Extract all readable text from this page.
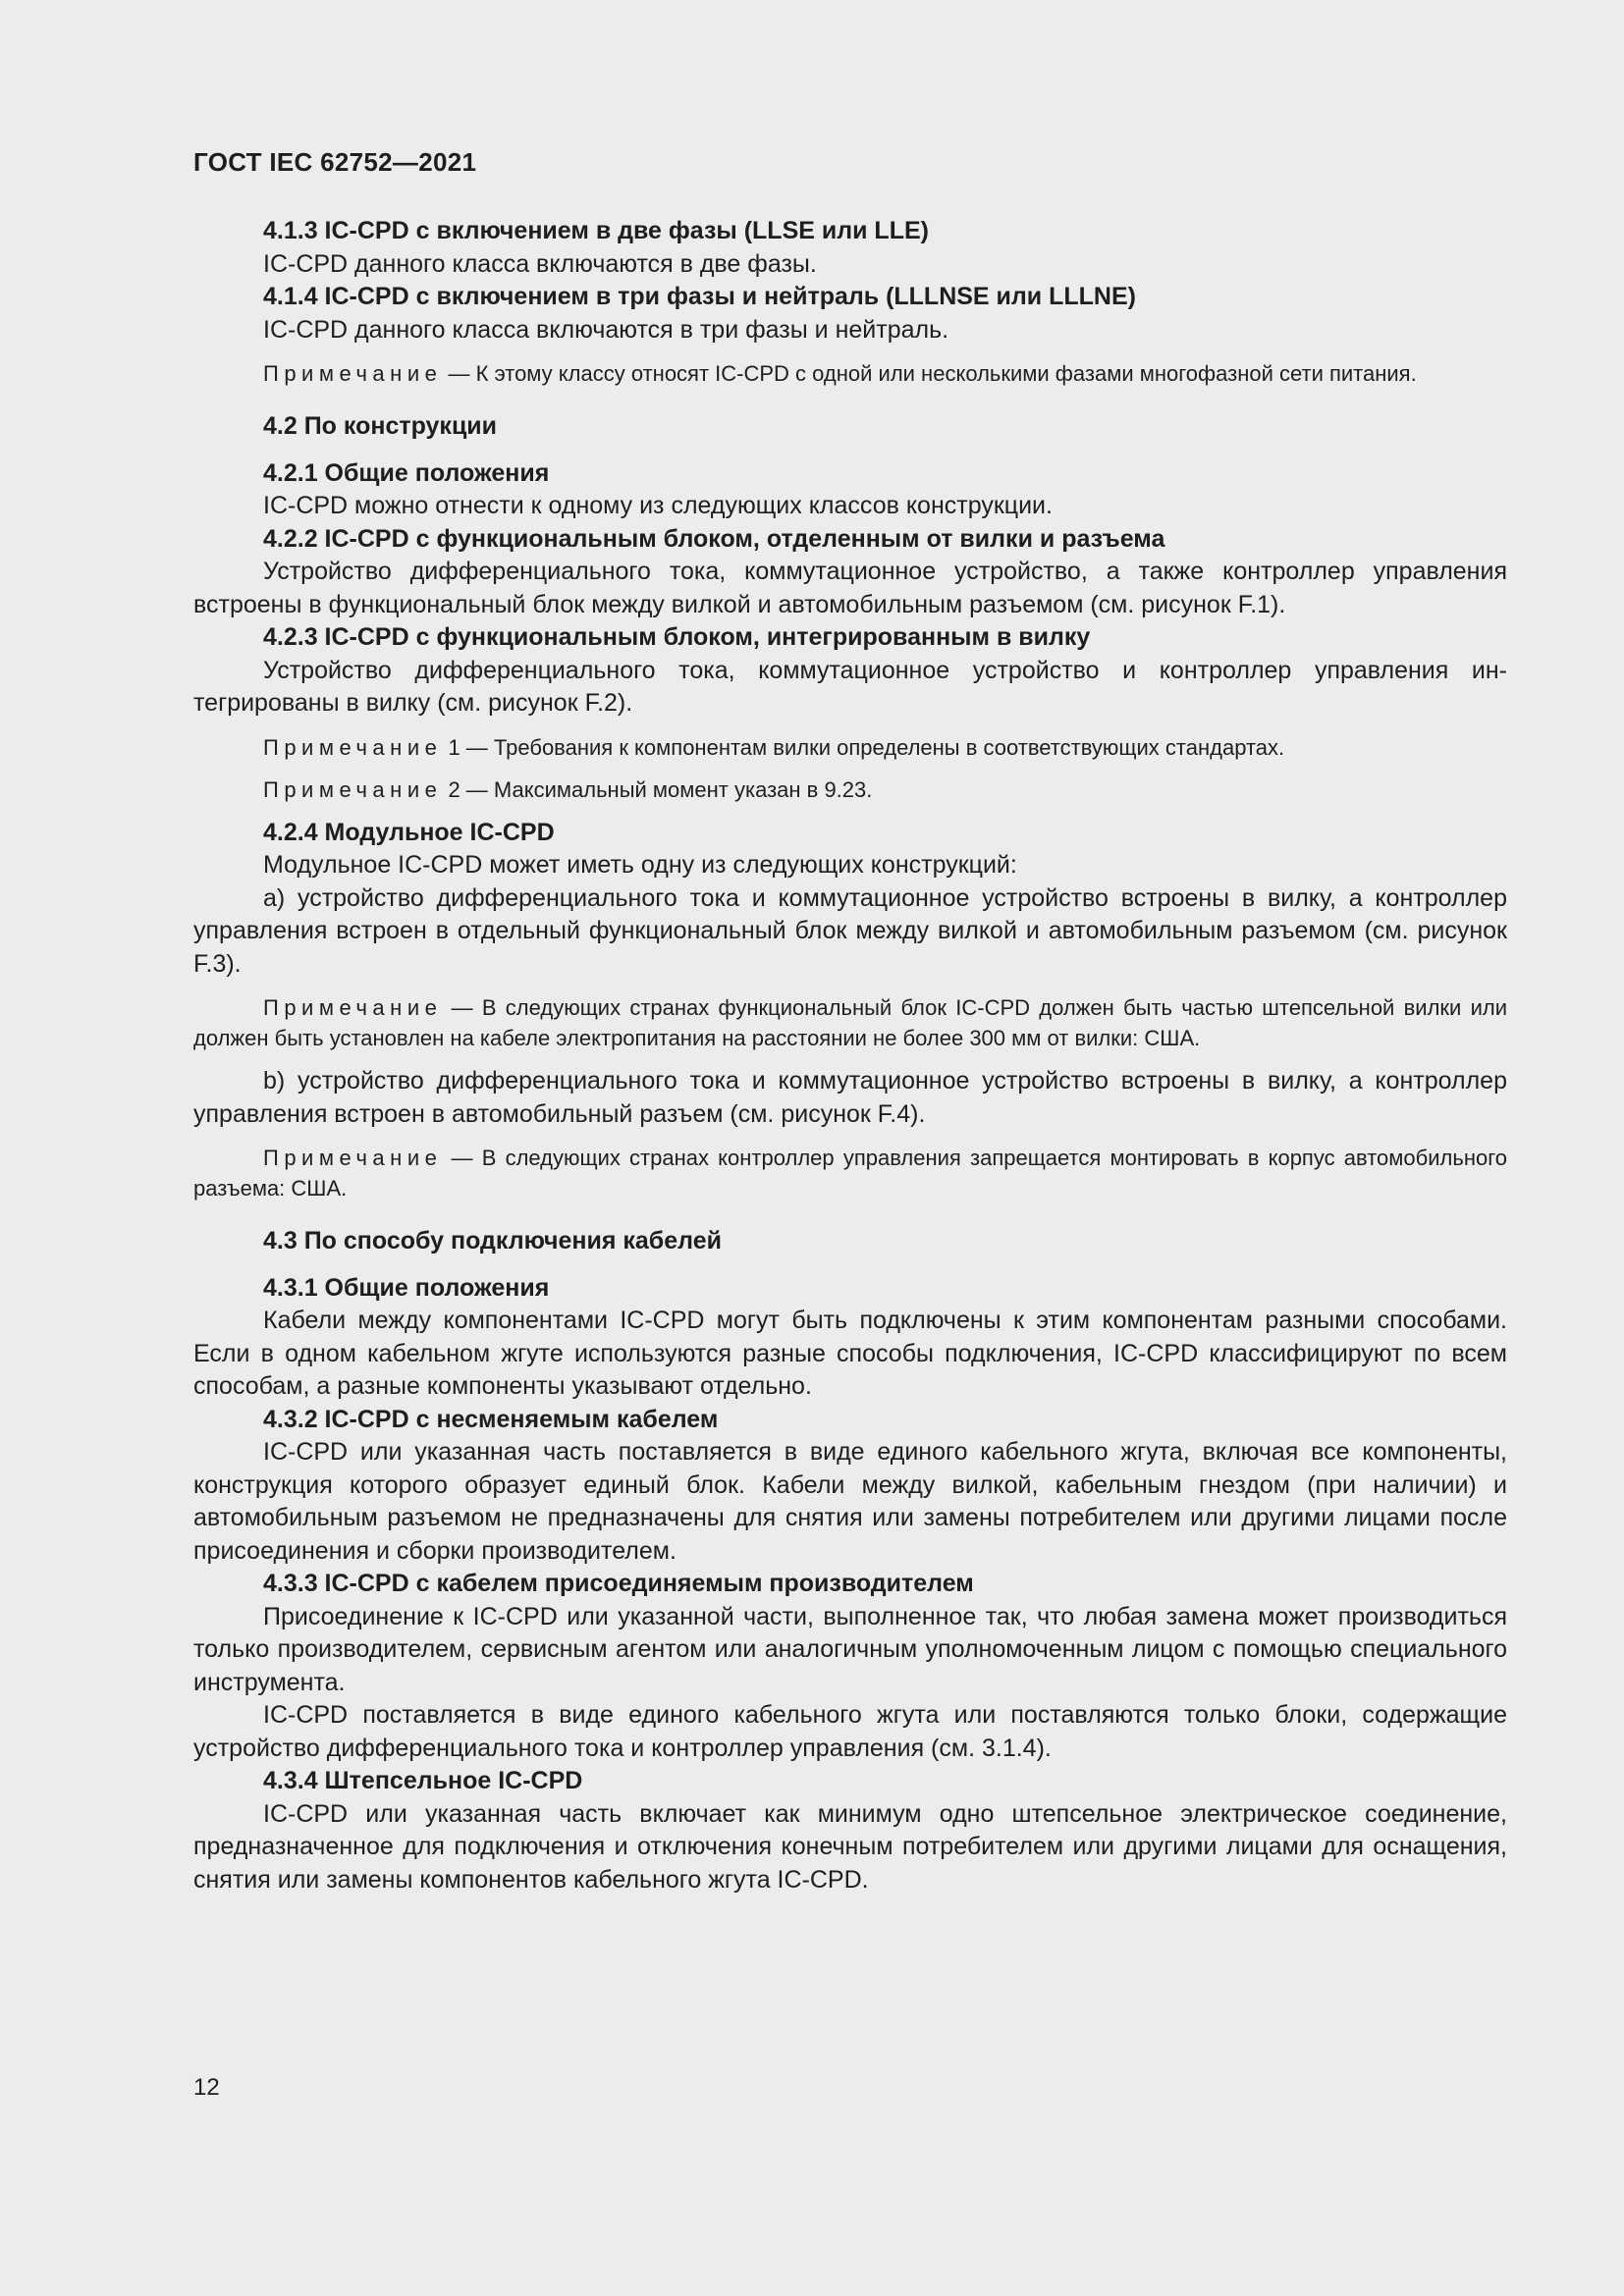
ГОСТ IEC 62752—2021
4.1.3 IC-CPD с включением в две фазы (LLSE или LLE)

IC-CPD данного класса включаются в две фазы.

4.1.4 IC-CPD с включением в три фазы и нейтраль (LLLNSE или LLLNE)

IC-CPD данного класса включаются в три фазы и нейтраль.

Примечание — К этому классу относят IC-CPD с одной или несколькими фазами многофазной сети питания.

4.2 По конструкции
4.2.1 Общие положения

IC-CPD можно отнести к одному из следующих классов конструкции.

4.2.2 IC-CPD с функциональным блоком, отделенным от вилки и разъема

Устройство дифференциального тока, коммутационное устройство, а также контроллер управления встроены в функциональный блок между вилкой и автомобильным разъемом (см. рисунок F.1).

4.2.3 IC-CPD с функциональным блоком, интегрированным в вилку

Устройство дифференциального тока, коммутационное устройство и контроллер управления интегрированы в вилку (см. рисунок F.2).

Примечание 1 — Требования к компонентам вилки определены в соответствующих стандартах.

Примечание 2 — Максимальный момент указан в 9.23.

4.2.4 Модульное IC-CPD

Модульное IC-CPD может иметь одну из следующих конструкций:

a) устройство дифференциального тока и коммутационное устройство встроены в вилку, а контроллер управления встроен в отдельный функциональный блок между вилкой и автомобильным разъемом (см. рисунок F.3).

Примечание — В следующих странах функциональный блок IC-CPD должен быть частью штепсельной вилки или должен быть установлен на кабеле электропитания на расстоянии не более 300 мм от вилки: США.

b) устройство дифференциального тока и коммутационное устройство встроены в вилку, а контроллер управления встроен в автомобильный разъем (см. рисунок F.4).

Примечание — В следующих странах контроллер управления запрещается монтировать в корпус автомобильного разъема: США.

4.3 По способу подключения кабелей
4.3.1 Общие положения

Кабели между компонентами IC-CPD могут быть подключены к этим компонентам разными способами. Если в одном кабельном жгуте используются разные способы подключения, IC-CPD классифицируют по всем способам, а разные компоненты указывают отдельно.

4.3.2 IC-CPD с несменяемым кабелем

IC-CPD или указанная часть поставляется в виде единого кабельного жгута, включая все компоненты, конструкция которого образует единый блок. Кабели между вилкой, кабельным гнездом (при наличии) и автомобильным разъемом не предназначены для снятия или замены потребителем или другими лицами после присоединения и сборки производителем.

4.3.3 IC-CPD с кабелем присоединяемым производителем

Присоединение к IC-CPD или указанной части, выполненное так, что любая замена может производиться только производителем, сервисным агентом или аналогичным уполномоченным лицом с помощью специального инструмента.

IC-CPD поставляется в виде единого кабельного жгута или поставляются только блоки, содержащие устройство дифференциального тока и контроллер управления (см. 3.1.4).

4.3.4 Штепсельное IC-CPD

IC-CPD или указанная часть включает как минимум одно штепсельное электрическое соединение, предназначенное для подключения и отключения конечным потребителем или другими лицами для оснащения, снятия или замены компонентов кабельного жгута IC-CPD.

12
